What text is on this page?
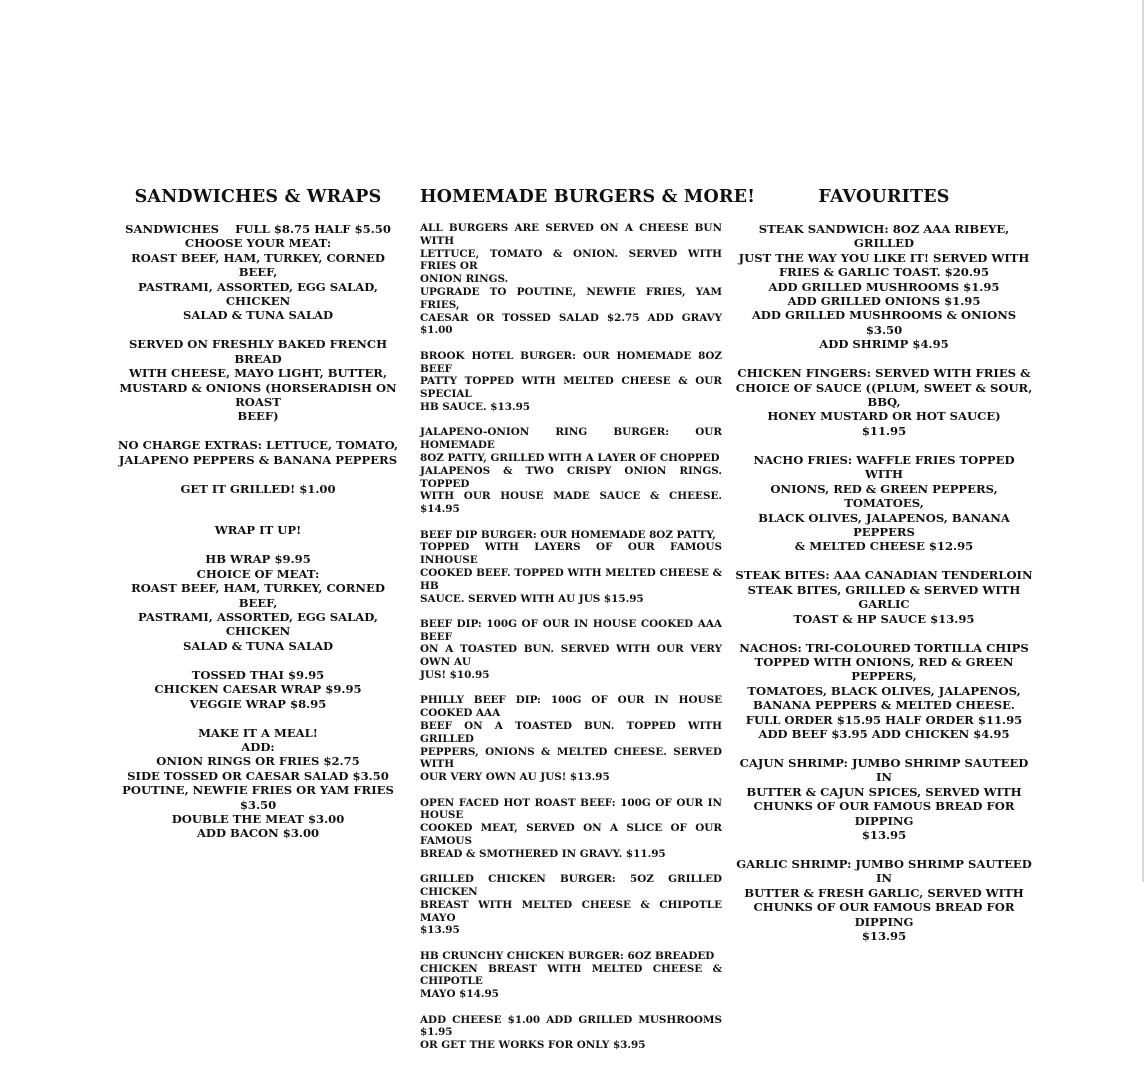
SANDWICHES & WRAPS
SANDWICHES FULL $8.75 HALF $5.50
CHOOSE YOUR MEAT:
ROAST BEEF, HAM, TURKEY, CORNED BEEF,
PASTRAMI, ASSORTED, EGG SALAD, CHICKEN
SALAD & TUNA SALAD
SERVED ON FRESHLY BAKED FRENCH BREAD
WITH CHEESE, MAYO LIGHT, BUTTER,
MUSTARD & ONIONS (HORSERADISH ON ROAST
BEEF)
NO CHARGE EXTRAS: LETTUCE, TOMATO,
JALAPENO PEPPERS & BANANA PEPPERS
GET IT GRILLED! $1.00
WRAP IT UP!
HB WRAP $9.95
CHOICE OF MEAT:
ROAST BEEF, HAM, TURKEY, CORNED BEEF,
PASTRAMI, ASSORTED, EGG SALAD, CHICKEN
SALAD & TUNA SALAD
TOSSED THAI $9.95
CHICKEN CAESAR WRAP $9.95
VEGGIE WRAP $8.95
MAKE IT A MEAL!
ADD:
ONION RINGS OR FRIES $2.75
SIDE TOSSED OR CAESAR SALAD $3.50
POUTINE, NEWFIE FRIES OR YAM FRIES $3.50
DOUBLE THE MEAT $3.00
ADD BACON $3.00
HOMEMADE BURGERS & MORE!
ALL BURGERS ARE SERVED ON A CHEESE BUN WITH
LETTUCE, TOMATO & ONION. SERVED WITH FRIES OR
ONION RINGS.
UPGRADE TO POUTINE, NEWFIE FRIES, YAM FRIES,
CAESAR OR TOSSED SALAD $2.75 ADD GRAVY $1.00
BROOK HOTEL BURGER: OUR HOMEMADE 8OZ BEEF
PATTY TOPPED WITH MELTED CHEESE & OUR SPECIAL
HB SAUCE. $13.95
JALAPENO-ONION RING BURGER:	OUR HOMEMADE
8OZ PATTY, GRILLED WITH A LAYER OF CHOPPED
JALAPENOS & TWO CRISPY ONION RINGS. TOPPED
WITH OUR HOUSE MADE SAUCE & CHEESE. $14.95
BEEF DIP BURGER: OUR HOMEMADE 8OZ PATTY,
TOPPED WITH LAYERS OF OUR FAMOUS INHOUSE
COOKED BEEF. TOPPED WITH MELTED CHEESE & HB
SAUCE. SERVED WITH AU JUS $15.95
BEEF DIP: 100G OF OUR IN HOUSE COOKED AAA BEEF
ON A TOASTED BUN. SERVED WITH OUR VERY OWN AU
JUS! $10.95
PHILLY BEEF DIP: 100G OF OUR IN HOUSE COOKED AAA
BEEF ON A TOASTED BUN. TOPPED WITH GRILLED
PEPPERS, ONIONS & MELTED CHEESE. SERVED WITH
OUR VERY OWN AU JUS! $13.95
OPEN FACED HOT ROAST BEEF: 100G OF OUR IN HOUSE
COOKED MEAT, SERVED ON A SLICE OF OUR FAMOUS
BREAD & SMOTHERED IN GRAVY. $11.95
GRILLED CHICKEN BURGER: 5OZ GRILLED CHICKEN
BREAST WITH MELTED CHEESE & CHIPOTLE MAYO
$13.95
HB CRUNCHY CHICKEN BURGER: 6OZ BREADED
CHICKEN BREAST WITH MELTED CHEESE & CHIPOTLE
MAYO $14.95
ADD CHEESE $1.00 ADD GRILLED MUSHROOMS $1.95
OR GET THE WORKS FOR ONLY $3.95
FAVOURITES
STEAK SANDWICH: 8OZ AAA RIBEYE, GRILLED
JUST THE WAY YOU LIKE IT! SERVED WITH
FRIES & GARLIC TOAST. $20.95
ADD GRILLED MUSHROOMS $1.95
ADD GRILLED ONIONS $1.95
ADD GRILLED MUSHROOMS & ONIONS $3.50
ADD SHRIMP $4.95
CHICKEN FINGERS: SERVED WITH FRIES &
CHOICE OF SAUCE ((PLUM, SWEET & SOUR, BBQ,
HONEY MUSTARD OR HOT SAUCE)
$11.95
NACHO FRIES: WAFFLE FRIES TOPPED WITH
ONIONS, RED & GREEN PEPPERS, TOMATOES,
BLACK OLIVES, JALAPENOS, BANANA PEPPERS
& MELTED CHEESE $12.95
STEAK BITES: AAA CANADIAN TENDERLOIN
STEAK BITES, GRILLED & SERVED WITH GARLIC
TOAST & HP SAUCE $13.95
NACHOS: TRI-COLOURED TORTILLA CHIPS
TOPPED WITH ONIONS, RED & GREEN PEPPERS,
TOMATOES, BLACK OLIVES, JALAPENOS,
BANANA PEPPERS & MELTED CHEESE.
FULL ORDER $15.95 HALF ORDER $11.95
ADD BEEF $3.95 ADD CHICKEN $4.95
CAJUN SHRIMP: JUMBO SHRIMP SAUTEED IN
BUTTER & CAJUN SPICES, SERVED WITH
CHUNKS OF OUR FAMOUS BREAD FOR DIPPING
$13.95
GARLIC SHRIMP: JUMBO SHRIMP SAUTEED IN
BUTTER & FRESH GARLIC, SERVED WITH
CHUNKS OF OUR FAMOUS BREAD FOR DIPPING
$13.95
